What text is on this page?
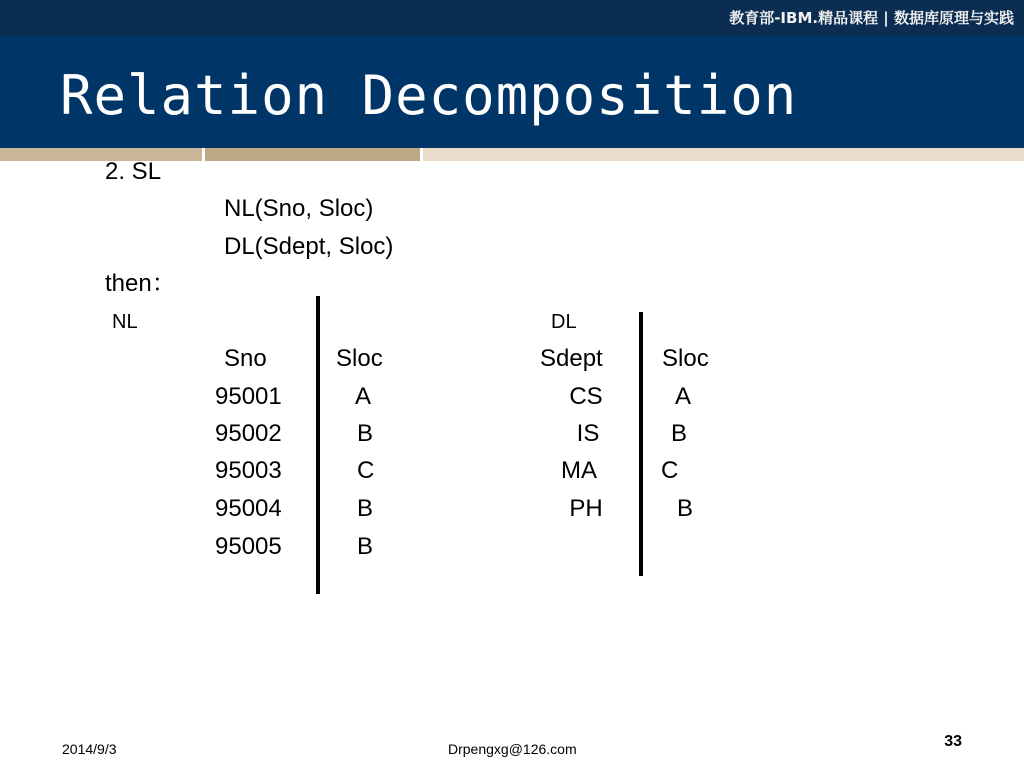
教育部-IBM.精品课程 | 数据库原理与实践
Relation Decomposition
2. SL
NL(Sno, Sloc)
DL(Sdept, Sloc)
then：
NL
Sno	Sloc
95001	A
95002	B
95003	C
95004	B
95005	B
DL
Sdept Sloc
CS	A
IS	B
MA	C
PH	B
2014/9/3	Drpengxg@126.com	33
